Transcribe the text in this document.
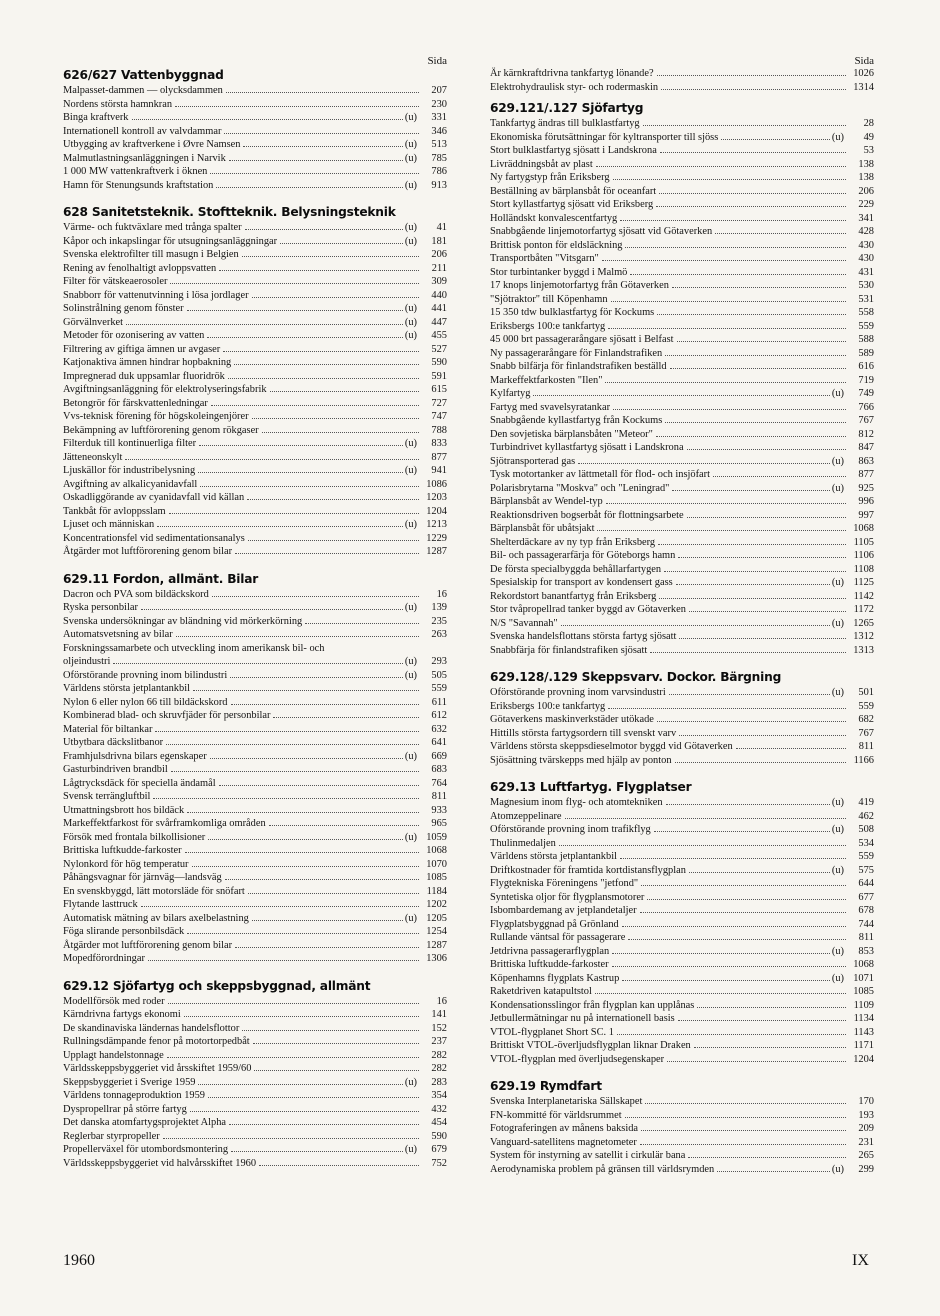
Sida
626/627 Vattenbyggnad
Malpasset-dammen — olycksdammen	207
Nordens största hamnkran	230
Binga kraftverk	(u)	331
Internationell kontroll av valvdammar	346
Utbygging av kraftverkene i Øvre Namsen	(u)	513
Malmutlastningsanläggningen i Narvik	(u)	785
1 000 MW vattenkraftverk i öknen	786
Hamn för Stenungsunds kraftstation	(u)	913
628 Sanitetsteknik. Stoftteknik. Belysningsteknik
Värme- och fuktväxlare med trånga spalter	(u)	41
Kåpor och inkapslingar för utsugningsanläggningar	(u)	181
Svenska elektrofilter till masugn i Belgien	206
Rening av fenolhaltigt avloppsvatten	211
Filter för vätskeaerosoler	309
Snabborr för vattenutvinning i lösa jordlager	440
Solinstrålning genom fönster	(u)	441
Görvälnverket	(u)	447
Metoder för ozonisering av vatten	(u)	455
Filtrering av giftiga ämnen ur avgaser	527
Katjonaktiva ämnen hindrar hopbakning	590
Impregnerad duk uppsamlar fluoridrök	591
Avgiftningsanläggning för elektrolyseringsfabrik	615
Betongrör för färskvattenledningar	727
Vvs-teknisk förening för högskoleingenjörer	747
Bekämpning av luftförorening genom rökgaser	788
Filterduk till kontinuerliga filter	(u)	833
Jätteneonskylt	877
Ljuskällor för industribelysning	(u)	941
Avgiftning av alkalicyanidavfall	1086
Oskadliggörande av cyanidavfall vid källan	1203
Tankbåt för avloppsslam	1204
Ljuset och människan	(u) 1213
Koncentrationsfel vid sedimentationsanalys	1229
Åtgärder mot luftförorening genom bilar	1287
629.11 Fordon, allmänt. Bilar
Dacron och PVA som bildäckskord	16
Ryska personbilar	(u)	139
Svenska undersökningar av bländning vid mörkerkörning	235
Automatsvetsning av bilar	263
Forskningssamarbete och utveckling inom amerikansk bil- och
oljeindustri	(u)	293
Oförstörande provning inom bilindustri	(u)	505
Världens största jetplantankbil	559
Nylon 6 eller nylon 66 till bildäckskord	611
Kombinerad blad- och skruvfjäder för personbilar	612
Material för biltankar	632
Utbytbara däckslitbanor	641
Framhjulsdrivna bilars egenskaper	(u)	669
Gasturbindriven brandbil	683
Lågtrycksdäck för speciella ändamål	764
Svensk terrängluftbil	811
Utmattningsbrott hos bildäck	933
Markeffektfarkost för svårframkomliga områden	965
Försök med frontala bilkollisioner	(u) 1059
Brittiska luftkudde-farkoster	1068
Nylonkord för hög temperatur	1070
Påhängsvagnar för järnväg—landsväg	1085
En svenskbyggd, lätt motorsläde för snöfart	1184
Flytande lasttruck	1202
Automatisk mätning av bilars axelbelastning	(u) 1205
Föga slirande personbilsdäck	1254
Åtgärder mot luftförorening genom bilar	1287
Mopedförordningar	1306
629.12 Sjöfartyg och skeppsbyggnad, allmänt
Modellförsök med roder	16
Kärndrivna fartygs ekonomi	141
De skandinaviska ländernas handelsflottor	152
Rullningsdämpande fenor på motortorpedbåt	237
Upplagt handelstonnage	282
Världsskeppsbyggeriet vid årsskiftet 1959/60	282
Skeppsbyggeriet i Sverige 1959	(u)	283
Världens tonnageproduktion 1959	354
Dyspropellrar på större fartyg	432
Det danska atomfartygsprojektet Alpha	454
Reglerbar styrpropeller	590
Propellerväxel för utombordsmontering	(u)	679
Världsskeppsbyggeriet vid halvårsskiftet 1960	752
Sida
Är kärnkraftdrivna tankfartyg lönande?	1026
Elektrohydraulisk styr- och rodermaskin	1314
629.121/.127 Sjöfartyg
Tankfartyg ändras till bulklastfartyg	28
Ekonomiska förutsättningar för kyltransporter till sjöss	(u)	49
Stort bulklastfartyg sjösatt i Landskrona	53
Livräddningsbåt av plast	138
Ny fartygstyp från Eriksberg	138
Beställning av bärplansbåt för oceanfart	206
Stort kyllastfartyg sjösatt vid Eriksberg	229
Holländskt konvalescentfartyg	341
Snabbgående linjemotorfartyg sjösatt vid Götaverken	428
Brittisk ponton för eldsläckning	430
Transportbåten "Vitsgarn"	430
Stor turbintanker byggd i Malmö	431
17 knops linjemotorfartyg från Götaverken	530
"Sjötraktor" till Köpenhamn	531
15 350 tdw bulklastfartyg för Kockums	558
Eriksbergs 100:e tankfartyg	559
45 000 brt passagerarångare sjösatt i Belfast	588
Ny passagerarångare för Finlandstrafiken	589
Snabb bilfärja för finlandstrafiken beställd	616
Markeffektfarkosten "Ilen"	719
Kylfartyg	(u)	749
Fartyg med svavelsyratankar	766
Snabbgående kyllastfartyg från Kockums	767
Den sovjetiska bärplansbåten "Meteor"	812
Turbindrivet kyllastfartyg sjösatt i Landskrona	847
Sjötransporterad gas	(u)	863
Tysk motortanker av lättmetall för flod- och insjöfart	877
Polarisbrytarna "Moskva" och "Leningrad"	(u)	925
Bärplansbåt av Wendel-typ	996
Reaktionsdriven bogserbåt för flottningsarbete	997
Bärplansbåt för ubåtsjakt	1068
Shelterdäckare av ny typ från Eriksberg	1105
Bil- och passagerarfärja för Göteborgs hamn	1106
De första specialbyggda behållarfartygen	1108
Spesialskip for transport av kondensert gass	(u) 1125
Rekordstort banantfartyg från Eriksberg	1142
Stor tvåpropellrad tanker byggd av Götaverken	1172
N/S "Savannah"	(u) 1265
Svenska handelsflottans största fartyg sjösatt	1312
Snabbfärja för finlandstrafiken sjösatt	1313
629.128/.129 Skeppsvarv. Dockor. Bärgning
Oförstörande provning inom varvsindustri	(u)	501
Eriksbergs 100:e tankfartyg	559
Götaverkens maskinverkstäder utökade	682
Hittills största fartygsordern till svenskt varv	767
Världens största skeppsdieselmotor byggd vid Götaverken	811
Sjösättning tvärskepps med hjälp av ponton	1166
629.13 Luftfartyg. Flygplatser
Magnesium inom flyg- och atomtekniken	(u)	419
Atomzeppelinare	462
Oförstörande provning inom trafikflyg	(u)	508
Thulinmedaljen	534
Världens största jetplantankbil	559
Driftkostnader för framtida kortdistansflygplan	(u)	575
Flygtekniska Föreningens "jetfond"	644
Syntetiska oljor för flygplansmotorer	677
Isbombardemang av jetplandetaljer	678
Flygplatsbyggnad på Grönland	744
Rullande väntsal för passagerare	811
Jetdrivna passagerarflygplan	(u)	853
Brittiska luftkudde-farkoster	1068
Köpenhamns flygplats Kastrup	(u) 1071
Raketdriven katapultstol	1085
Kondensationsslingor från flygplan kan upplånas	1109
Jetbullermätningar nu på internationell basis	1134
VTOL-flygplanet Short SC. 1	1143
Brittiskt VTOL-överljudsflygplan liknar Draken	1171
VTOL-flygplan med överljudsegenskaper	1204
629.19 Rymdfart
Svenska Interplanetariska Sällskapet	170
FN-kommitté för världsrummet	193
Fotograferingen av månens baksida	209
Vanguard-satellitens magnetometer	231
System för instyrning av satellit i cirkulär bana	265
Aerodynamiska problem på gränsen till världsrymden	(u)	299
1960	IX
